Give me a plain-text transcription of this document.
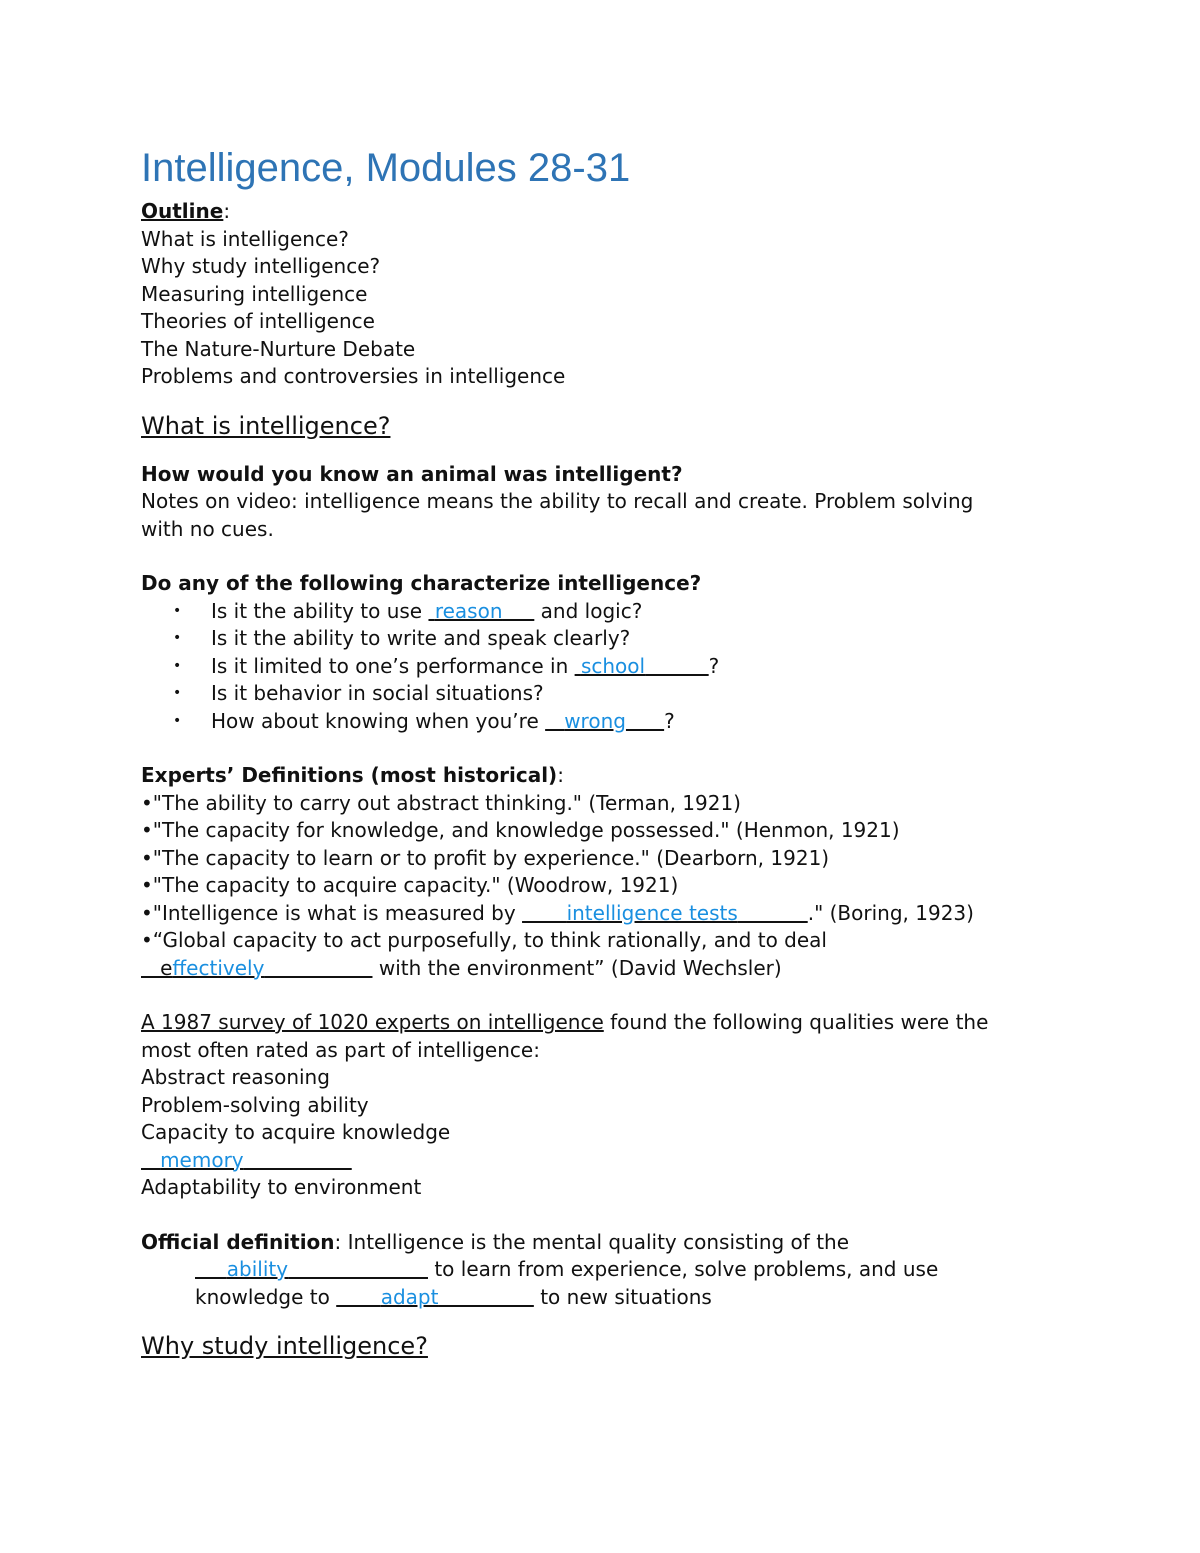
Intelligence, Modules 28-31
Outline:
What is intelligence?
Why study intelligence?
Measuring intelligence
Theories of intelligence
The Nature-Nurture Debate
Problems and controversies in intelligence
What is intelligence?
How would you know an animal was intelligent?
Notes on video: intelligence means the ability to recall and create. Problem solving
with no cues.
Do any of the following characterize intelligence?
• Is it the ability to use  reason      and logic?
• Is it the ability to write and speak clearly?
• Is it limited to one’s performance in  school	?
• Is it behavior in social situations?
• How about knowing when you’re    wrong ?
Experts’ Definitions (most historical):
•"The ability to carry out abstract thinking." (Terman, 1921)
•"The capacity for knowledge, and knowledge possessed." (Henmon, 1921)
•"The capacity to learn or to profit by experience." (Dearborn, 1921)
•"The capacity to acquire capacity." (Woodrow, 1921)
•"Intelligence is what is measured by        intelligence tests	." (Boring, 1923)
•“Global capacity to act purposefully, to think rationally, and to deal
effectively	with the environment” (David Wechsler)
A 1987 survey of 1020 experts on intelligence found the following qualities were the
most often rated as part of intelligence:
Abstract reasoning
Problem-solving ability
Capacity to acquire knowledge
memory
Adaptability to environment
Official definition: Intelligence is the mental quality consisting of the
ability	to learn from experience, solve problems, and use
knowledge to        adapt	to new situations
Why study intelligence?
